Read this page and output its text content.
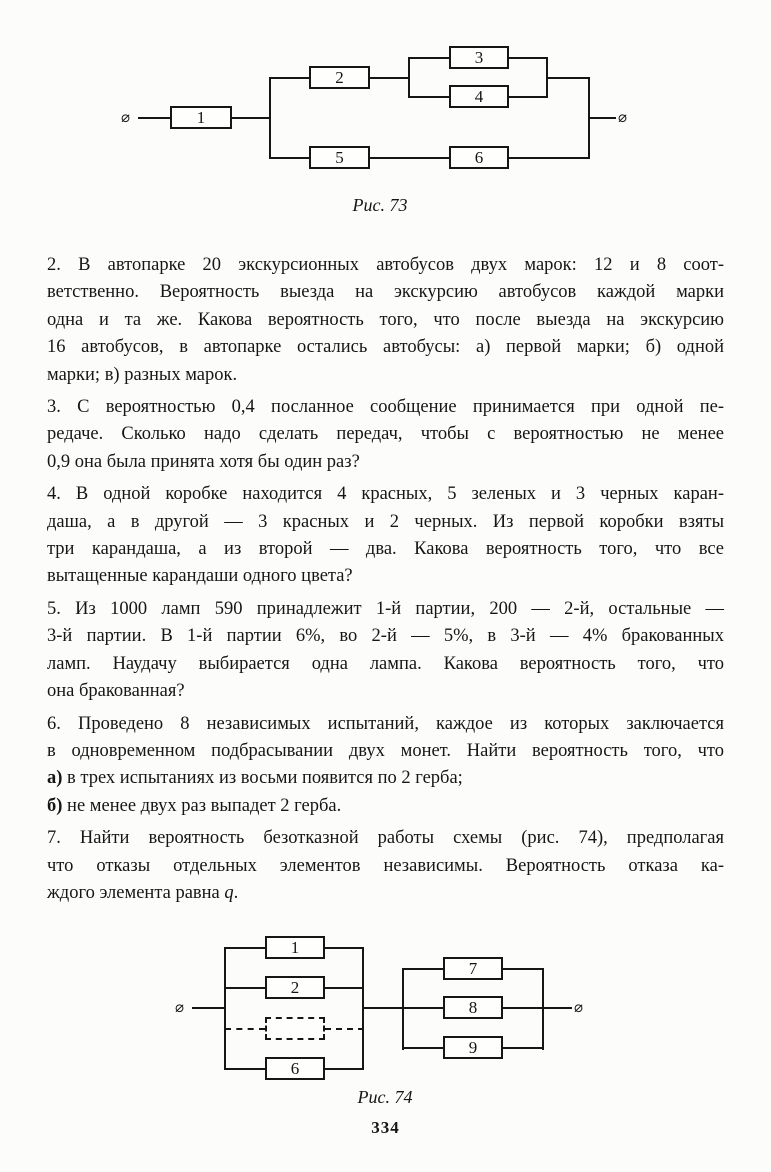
1
2
3
4
5	6
⌀	⌀
Рис. 73
2. В автопарке 20 экскурсионных автобусов двух марок: 12 и 8 соот-
ветственно. Вероятность выезда на экскурсию автобусов каждой марки
одна и та же. Какова вероятность того, что после выезда на экскурсию
16 автобусов, в автопарке остались автобусы: а) первой марки; б) одной
марки; в) разных марок.
3. С вероятностью 0,4 посланное сообщение принимается при одной пе-
редаче. Сколько надо сделать передач, чтобы с вероятностью не менее
0,9 она была принята хотя бы один раз?
4. В одной коробке находится 4 красных, 5 зеленых и 3 черных каран-
даша, а в другой — 3 красных и 2 черных. Из первой коробки взяты
три карандаша, а из второй — два. Какова вероятность того, что все
вытащенные карандаши одного цвета?
5. Из 1000 ламп 590 принадлежит 1-й партии, 200 — 2-й, остальные —
3-й партии. В 1-й партии 6%, во 2-й — 5%, в 3-й — 4% бракованных
ламп. Наудачу выбирается одна лампа. Какова вероятность того, что
она бракованная?
6. Проведено 8 независимых испытаний, каждое из которых заключается
в одновременном подбрасывании двух монет. Найти вероятность того, что
а) в трех испытаниях из восьми появится по 2 герба;
б) не менее двух раз выпадет 2 герба.
7. Найти вероятность безотказной работы схемы (рис. 74), предполагая
что отказы отдельных элементов независимы. Вероятность отказа ка-
ждого элемента равна q.
1
2
6
7
8
9
⌀	⌀
Рис. 74
334
